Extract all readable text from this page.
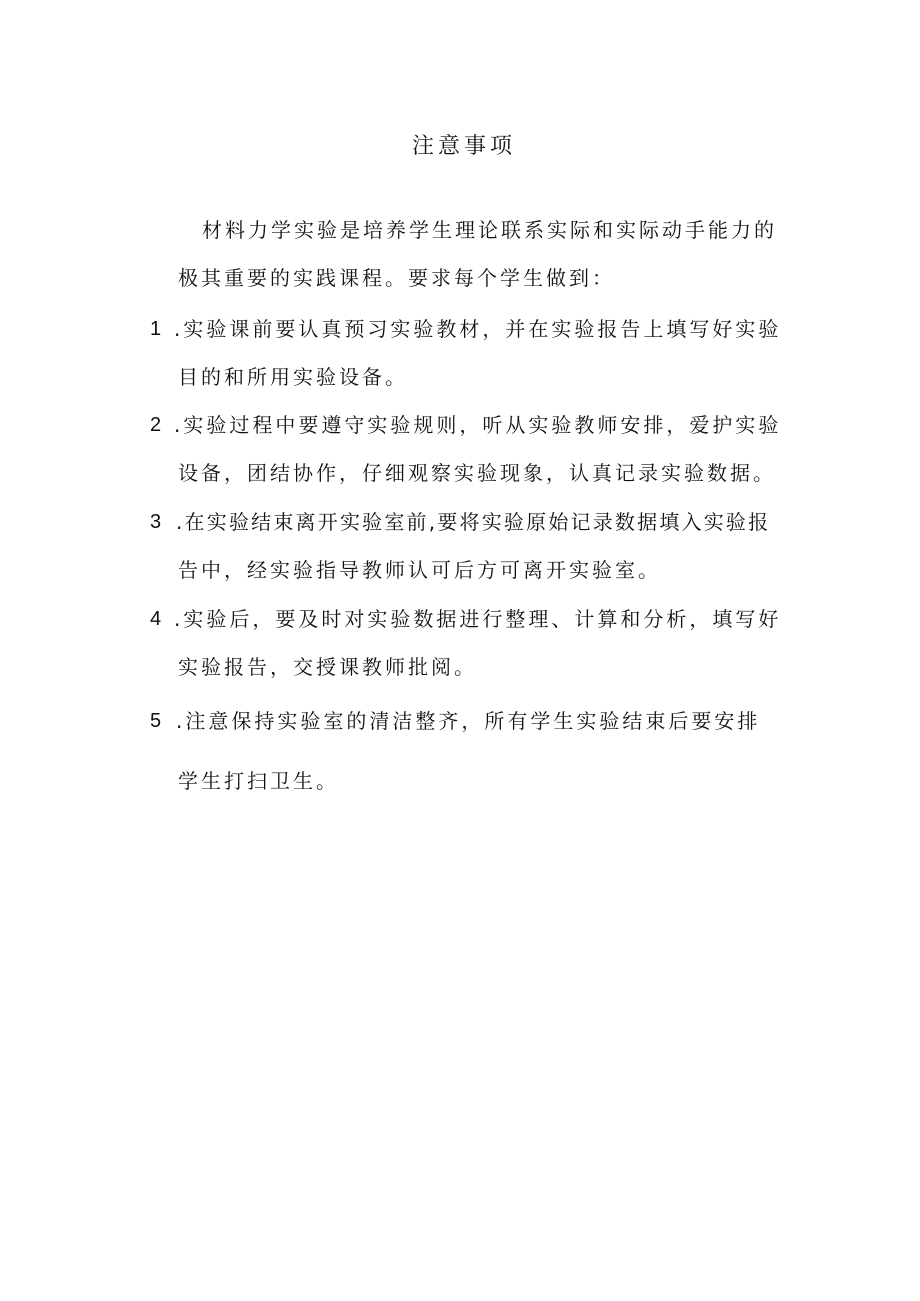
注意事项
材料力学实验是培养学生理论联系实际和实际动手能力的
极其重要的实践课程。要求每个学生做到：
1 .实验课前要认真预习实验教材，并在实验报告上填写好实验
目的和所用实验设备。
2 .实验过程中要遵守实验规则，听从实验教师安排，爱护实验
设备，团结协作，仔细观察实验现象，认真记录实验数据。
3 .在实验结束离开实验室前,要将实验原始记录数据填入实验报
告中，经实验指导教师认可后方可离开实验室。
4 .实验后，要及时对实验数据进行整理、计算和分析，填写好
实验报告，交授课教师批阅。
5 .注意保持实验室的清洁整齐，所有学生实验结束后要安排
学生打扫卫生。
